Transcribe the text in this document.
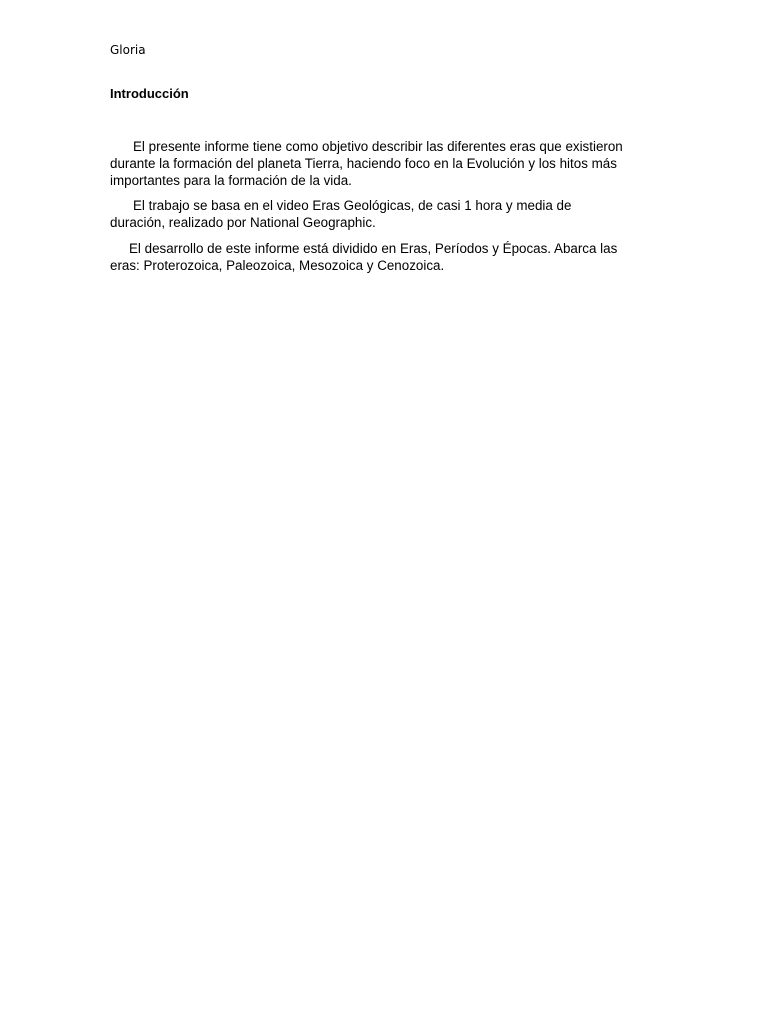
Gloria
Introducción
El presente informe tiene como objetivo describir las diferentes eras que existieron
durante la formación del planeta Tierra, haciendo foco en la Evolución y los hitos más
importantes para la formación de la vida.
El trabajo se basa en el video Eras Geológicas, de casi 1 hora y media de
duración, realizado por National Geographic.
El desarrollo de este informe está dividido en Eras, Períodos y Épocas. Abarca las
eras: Proterozoica, Paleozoica, Mesozoica y Cenozoica.
